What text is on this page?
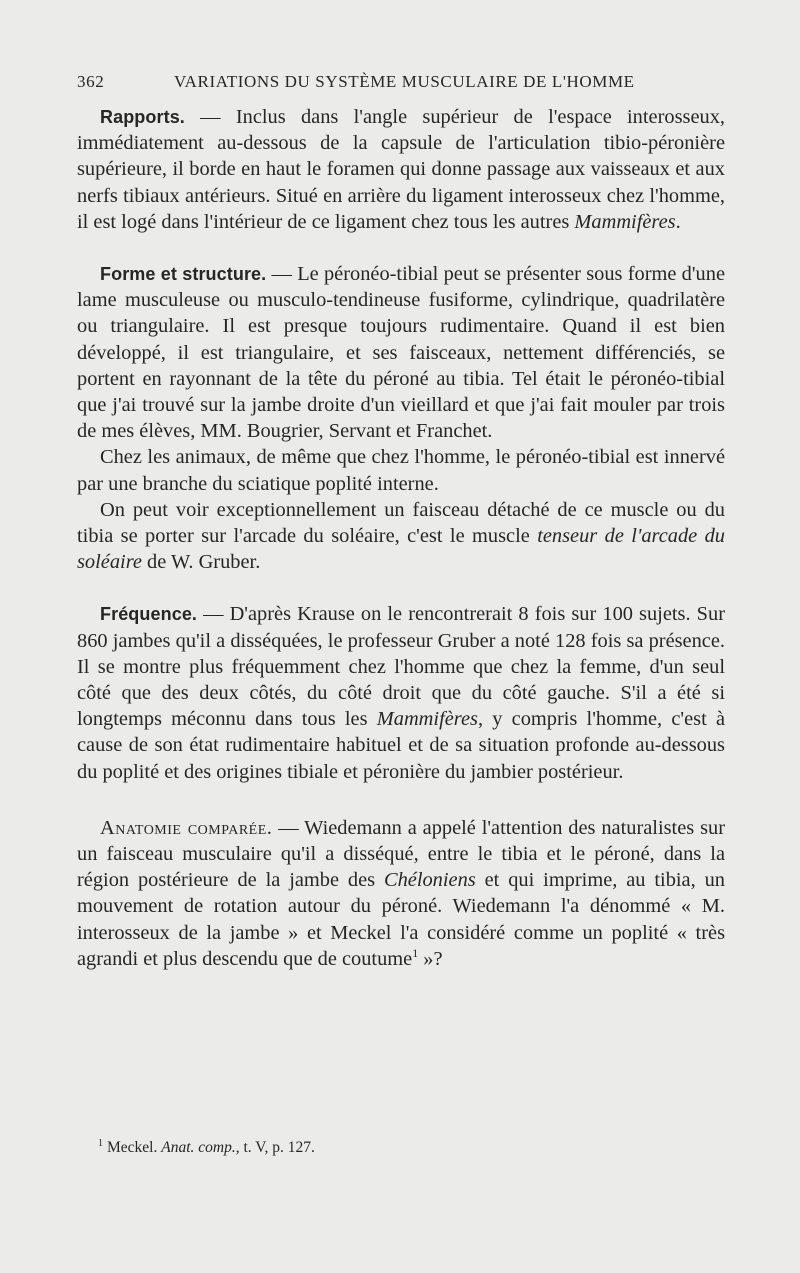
362	VARIATIONS DU SYSTÈME MUSCULAIRE DE L'HOMME

Rapports. — Inclus dans l'angle supérieur de l'espace interosseux, immédiatement au-dessous de la capsule de l'articulation tibio-péronière supérieure, il borde en haut le foramen qui donne passage aux vaisseaux et aux nerfs tibiaux antérieurs. Situé en arrière du ligament interosseux chez l'homme, il est logé dans l'intérieur de ce ligament chez tous les autres Mammifères.

Forme et structure. — Le péronéo-tibial peut se présenter sous forme d'une lame musculeuse ou musculo-tendineuse fusiforme, cylindrique, quadrilatère ou triangulaire. Il est presque toujours rudimentaire. Quand il est bien développé, il est triangulaire, et ses faisceaux, nettement différenciés, se portent en rayonnant de la tête du péroné au tibia. Tel était le péronéo-tibial que j'ai trouvé sur la jambe droite d'un vieillard et que j'ai fait mouler par trois de mes élèves, MM. Bougrier, Servant et Franchet.

Chez les animaux, de même que chez l'homme, le péronéo-tibial est innervé par une branche du sciatique poplité interne.

On peut voir exceptionnellement un faisceau détaché de ce muscle ou du tibia se porter sur l'arcade du soléaire, c'est le muscle tenseur de l'arcade du soléaire de W. Gruber.

Fréquence. — D'après Krause on le rencontrerait 8 fois sur 100 sujets. Sur 860 jambes qu'il a disséquées, le professeur Gruber a noté 128 fois sa présence. Il se montre plus fréquemment chez l'homme que chez la femme, d'un seul côté que des deux côtés, du côté droit que du côté gauche. S'il a été si longtemps méconnu dans tous les Mammifères, y compris l'homme, c'est à cause de son état rudimentaire habituel et de sa situation profonde au-dessous du poplité et des origines tibiale et péronière du jambier postérieur.

Anatomie comparée. — Wiedemann a appelé l'attention des naturalistes sur un faisceau musculaire qu'il a disséqué, entre le tibia et le péroné, dans la région postérieure de la jambe des Chéloniens et qui imprime, au tibia, un mouvement de rotation autour du péroné. Wiedemann l'a dénommé « M. interosseux de la jambe » et Meckel l'a considéré comme un poplité « très agrandi et plus descendu que de coutume$^1$ »?

$^1$ Meckel. Anat. comp., t. V, p. 127.
